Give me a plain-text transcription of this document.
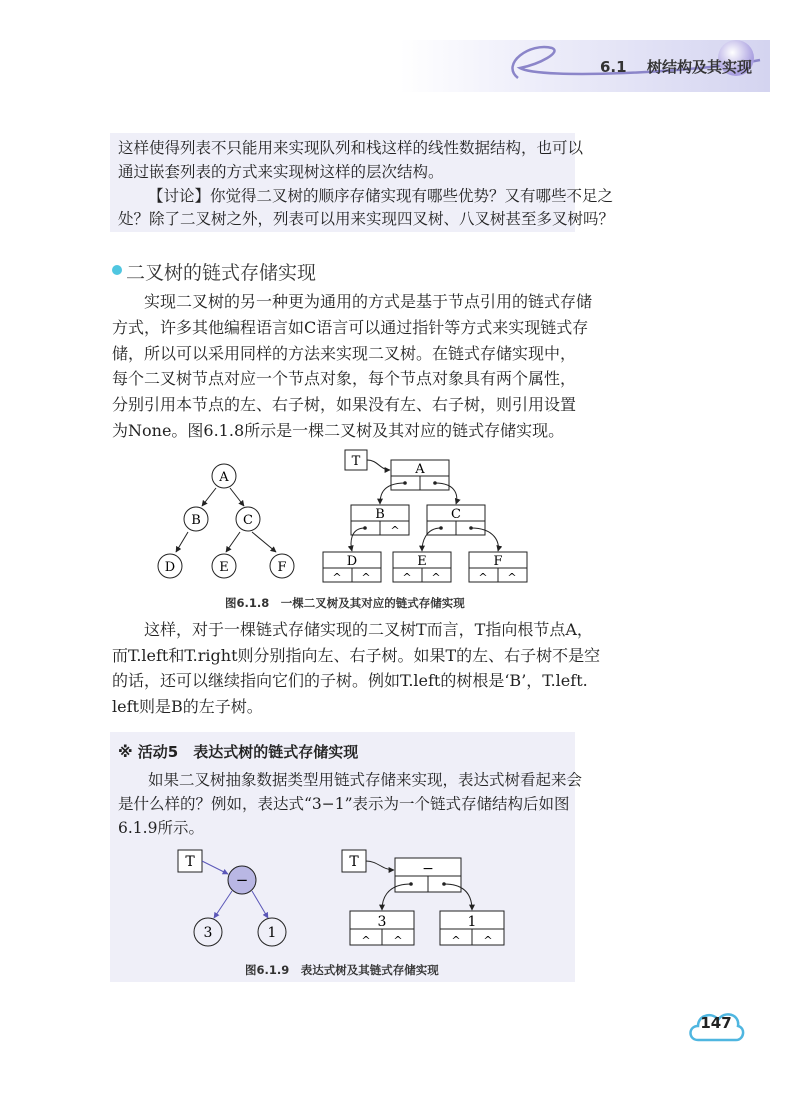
6.1 树结构及其实现

这样使得列表不只能用来实现队列和栈这样的线性数据结构，也可以

通过嵌套列表的方式来实现树这样的层次结构。

【讨论】你觉得二叉树的顺序存储实现有哪些优势？又有哪些不足之

处？除了二叉树之外，列表可以用来实现四叉树、八叉树甚至多叉树吗？

二叉树的链式存储实现

实现二叉树的另一种更为通用的方式是基于节点引用的链式存储

方式，许多其他编程语言如C语言可以通过指针等方式来实现链式存

储，所以可以采用同样的方法来实现二叉树。在链式存储实现中，

每个二叉树节点对应一个节点对象，每个节点对象具有两个属性，

分别引用本节点的左、右子树，如果没有左、右子树，则引用设置

为None。图6.1.8所示是一棵二叉树及其对应的链式存储实现。

A
B	C
D	E	F
T
A
B
^
C
D
^ ^
E
^ ^
F
^ ^
图6.1.8　一棵二叉树及其对应的链式存储实现

这样，对于一棵链式存储实现的二叉树T而言，T指向根节点A，

而T.left和T.right则分别指向左、右子树。如果T的左、右子树不是空

的话，还可以继续指向它们的子树。例如T.left的树根是‘B’，T.left.

left则是B的左子树。

※ 活动5　表达式树的链式存储实现

如果二叉树抽象数据类型用链式存储来实现，表达式树看起来会

是什么样的？例如，表达式“3−1”表示为一个链式存储结构后如图

6.1.9所示。

T
−
3	1
T	−
3
^ ^
1
^ ^
图6.1.9　表达式树及其链式存储实现
147
